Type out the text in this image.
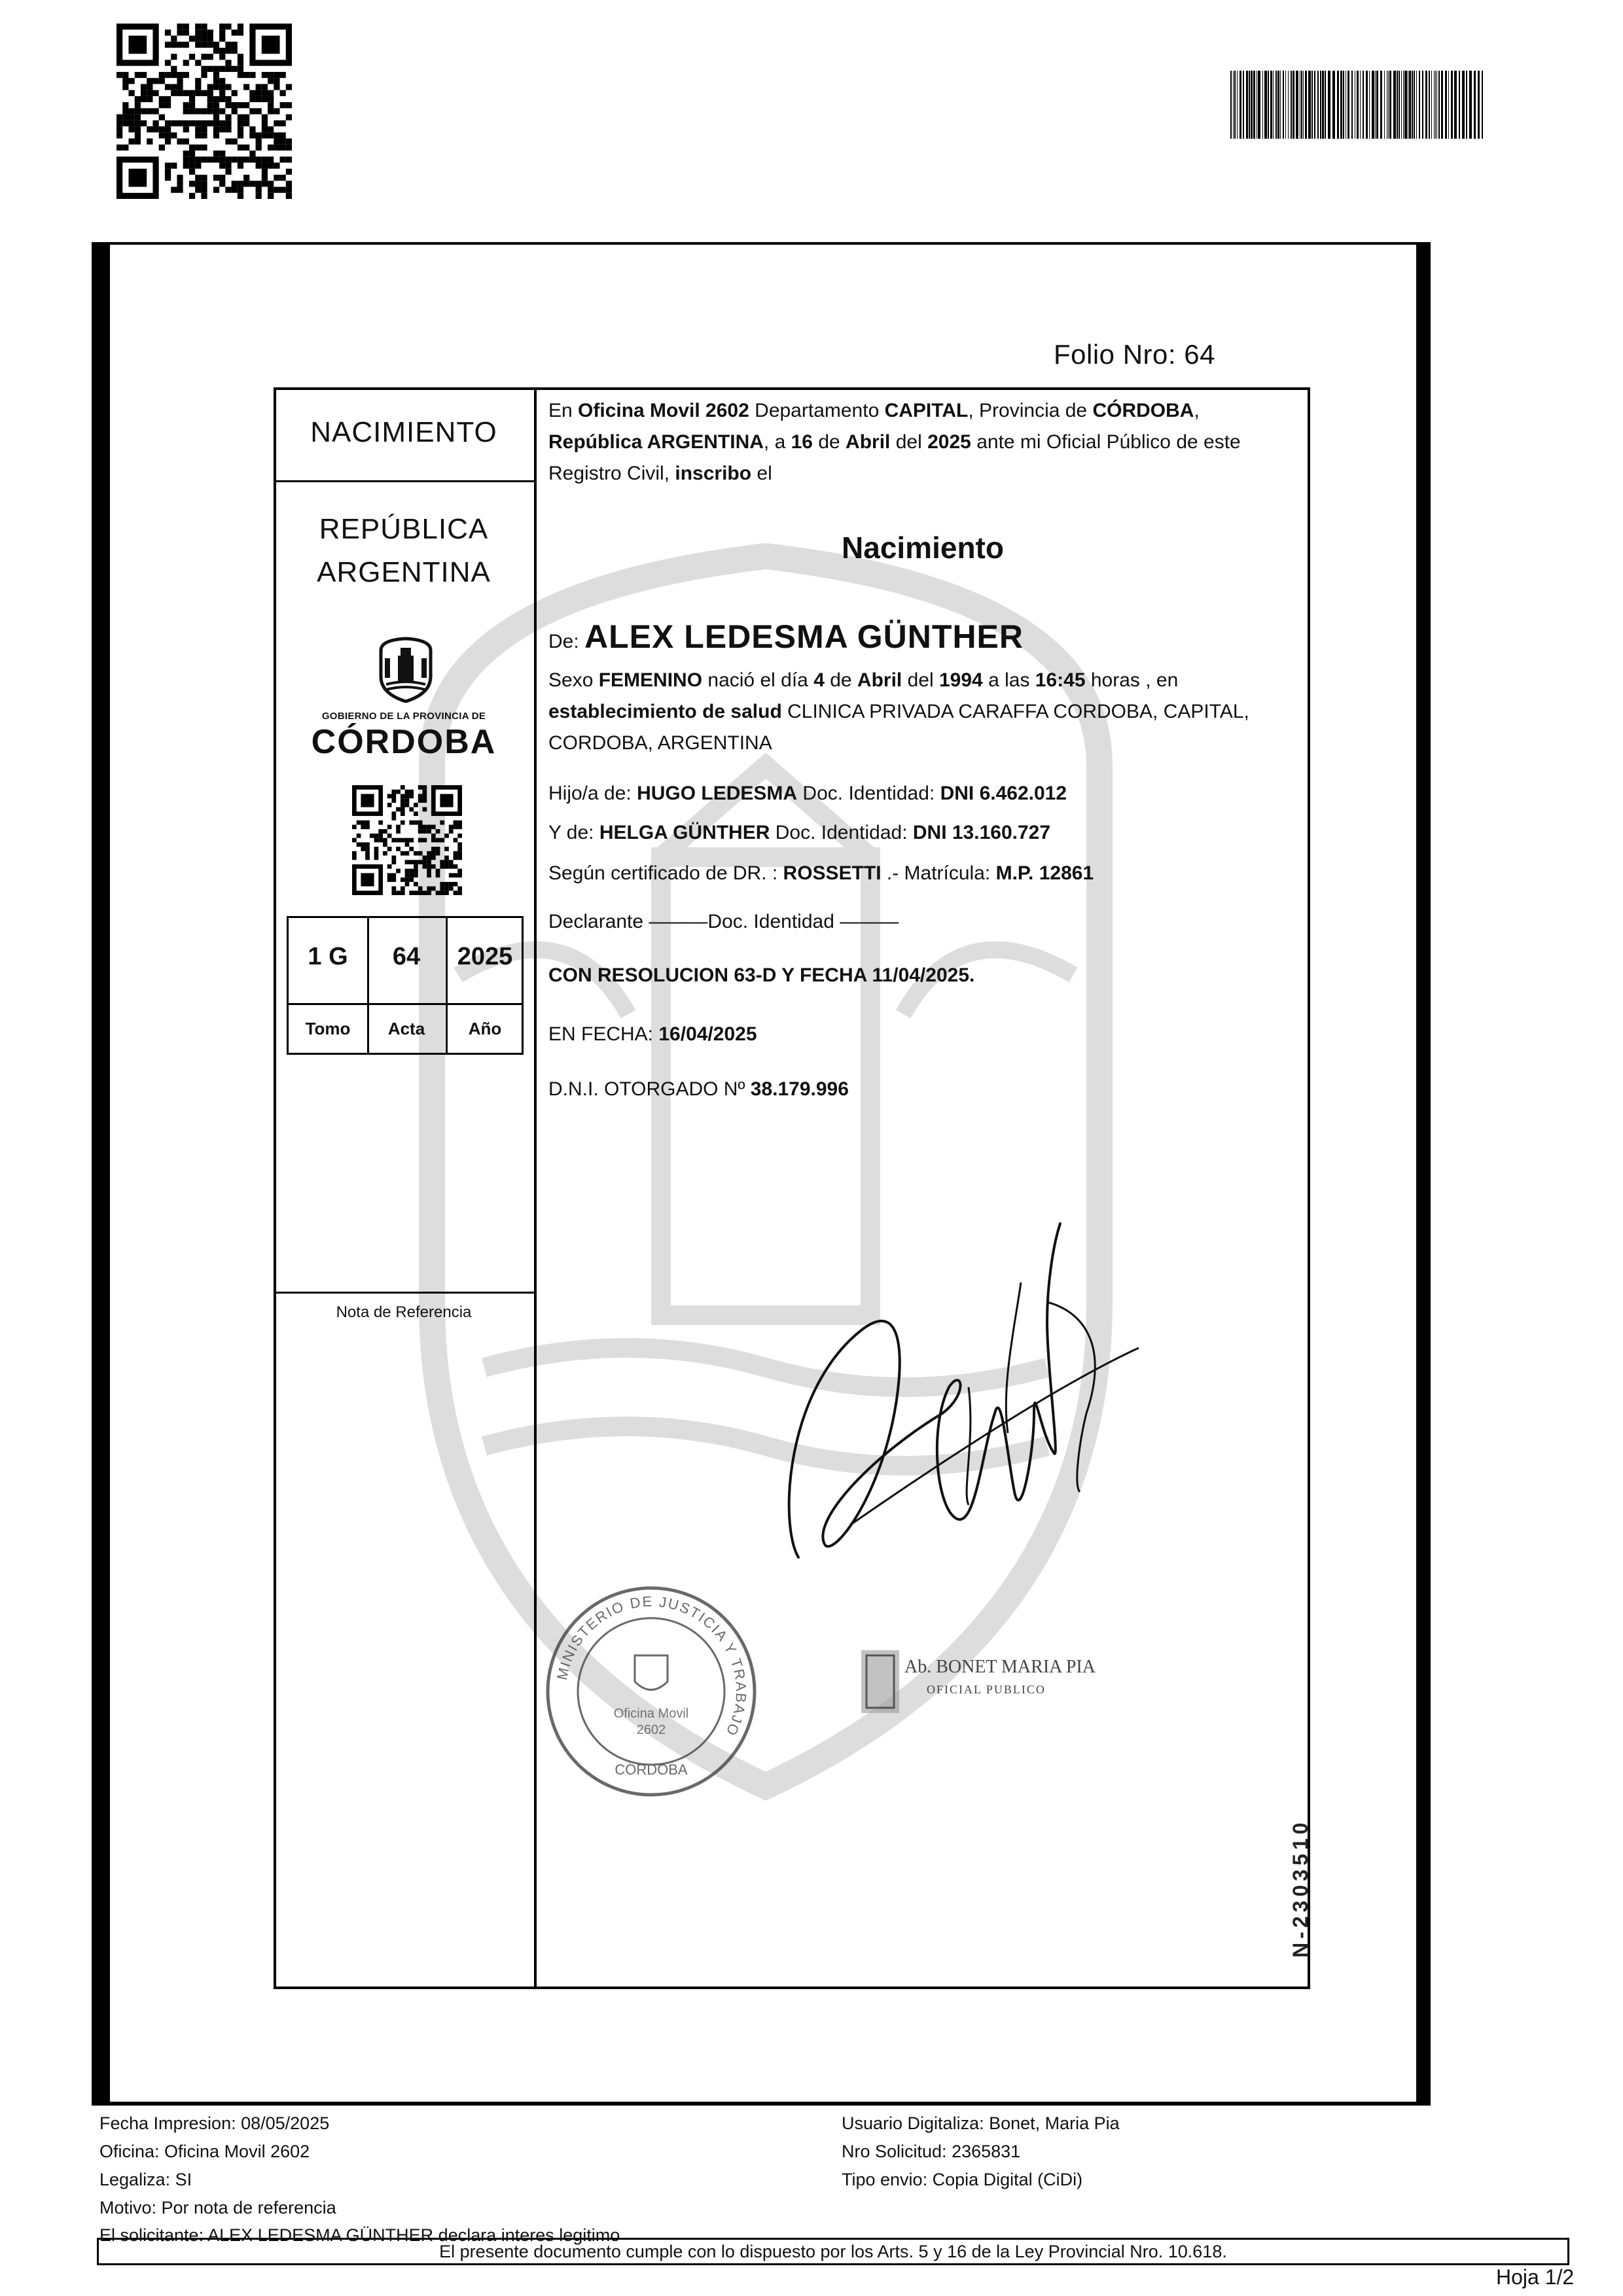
Folio Nro: 64
NACIMIENTO
REPÚBLICA
ARGENTINA
GOBIERNO DE LA PROVINCIA DE
CÓRDOBA
1 G	64	2025
Tomo	Acta	Año
Nota de Referencia
En Oficina Movil 2602 Departamento CAPITAL, Provincia de CÓRDOBA,
República ARGENTINA, a 16 de Abril del 2025 ante mi Oficial Público de este Registro Civil, inscribo el
Nacimiento
De: ALEX LEDESMA GÜNTHER
Sexo FEMENINO nació el día 4 de Abril del 1994 a las 16:45 horas , en
establecimiento de salud CLINICA PRIVADA CARAFFA CORDOBA, CAPITAL, CORDOBA, ARGENTINA
Hijo/a de: HUGO LEDESMA Doc. Identidad: DNI 6.462.012
Y de: HELGA GÜNTHER Doc. Identidad: DNI 13.160.727
Según certificado de DR. : ROSSETTI .- Matrícula: M.P. 12861
Declarante ———Doc. Identidad ———
CON RESOLUCION 63-D Y FECHA 11/04/2025.
EN FECHA: 16/04/2025
D.N.I. OTORGADO Nº 38.179.996
MINISTERIO DE JUSTICIA Y TRABAJO
Oficina Movil
2602
CÓRDOBA
Ab. BONET MARIA PIA
OFICIAL PUBLICO
N-2303510
Fecha Impresion: 08/05/2025
Oficina: Oficina Movil 2602
Legaliza: SI
Motivo: Por nota de referencia
El solicitante: ALEX LEDESMA GÜNTHER declara interes legitimo
Usuario Digitaliza: Bonet, Maria Pia
Nro Solicitud: 2365831
Tipo envio: Copia Digital (CiDi)
El presente documento cumple con lo dispuesto por los Arts. 5 y 16 de la Ley Provincial Nro. 10.618.
Hoja 1/2
